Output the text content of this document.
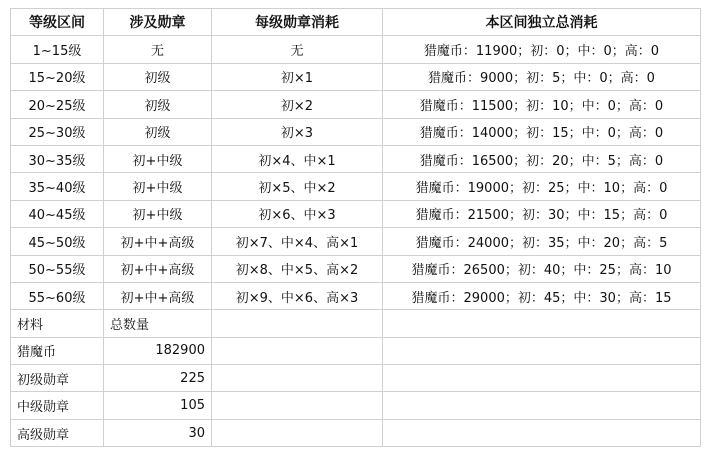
等级区间	涉及勋章	每级勋章消耗	本区间独立总消耗
1~15级	无	无	猎魔币：11900；初：0；中：0；高：0
15~20级	初级	初×1	猎魔币：9000；初：5；中：0；高：0
20~25级	初级	初×2	猎魔币：11500；初：10；中：0；高：0
25~30级	初级	初×3	猎魔币：14000；初：15；中：0；高：0
30~35级	初+中级	初×4、中×1	猎魔币：16500；初：20；中：5；高：0
35~40级	初+中级	初×5、中×2	猎魔币：19000；初：25；中：10；高：0
40~45级	初+中级	初×6、中×3	猎魔币：21500；初：30；中：15；高：0
45~50级	初+中+高级	初×7、中×4、高×1	猎魔币：24000；初：35；中：20；高：5
50~55级	初+中+高级	初×8、中×5、高×2	猎魔币：26500；初：40；中：25；高：10
55~60级	初+中+高级	初×9、中×6、高×3	猎魔币：29000；初：45；中：30；高：15
材料	总数量		
猎魔币	182900		
初级勋章	225		
中级勋章	105		
高级勋章	30		
